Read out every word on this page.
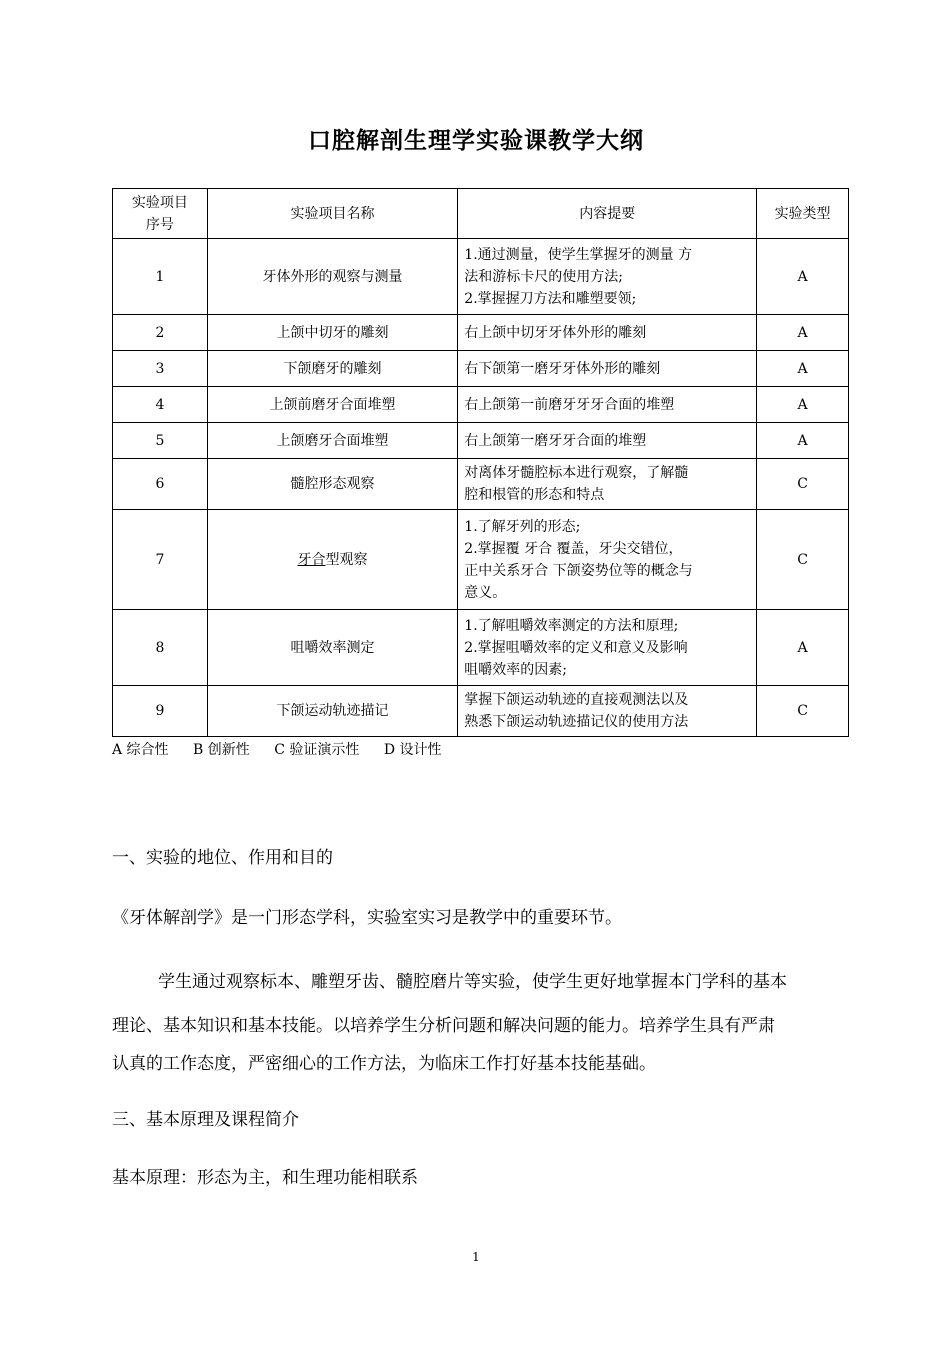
口腔解剖生理学实验课教学大纲
实验项目
序号	实验项目名称	内容提要	实验类型
1	牙体外形的观察与测量	1.通过测量，使学生掌握牙的测量 方
法和游标卡尺的使用方法;
2.掌握握刀方法和雕塑要领;	A
2	上颌中切牙的雕刻	右上颌中切牙牙体外形的雕刻	A
3	下颌磨牙的雕刻	右下颌第一磨牙牙体外形的雕刻	A
4	上颌前磨牙合面堆塑	右上颌第一前磨牙牙牙合面的堆塑	A
5	上颌磨牙合面堆塑	右上颌第一磨牙牙合面的堆塑	A
6	髓腔形态观察	对离体牙髓腔标本进行观察，了解髓
腔和根管的形态和特点	C
7	牙合型观察	1.了解牙列的形态;
2.掌握覆 牙合 覆盖，牙尖交错位，
正中关系牙合 下颌姿势位等的概念与
意义。	C
8	咀嚼效率测定	1.了解咀嚼效率测定的方法和原理;
2.掌握咀嚼效率的定义和意义及影响
咀嚼效率的因素;	A
9	下颌运动轨迹描记	掌握下颌运动轨迹的直接观测法以及
熟悉下颌运动轨迹描记仪的使用方法	C
A 综合性 B 创新性 C 验证演示性 D 设计性
一、实验的地位、作用和目的
《牙体解剖学》是一门形态学科，实验室实习是教学中的重要环节。
学生通过观察标本、雕塑牙齿、髓腔磨片等实验，使学生更好地掌握本门学科的基本
理论、基本知识和基本技能。以培养学生分析问题和解决问题的能力。培养学生具有严肃
认真的工作态度，严密细心的工作方法，为临床工作打好基本技能基础。
三、基本原理及课程简介
基本原理：形态为主，和生理功能相联系
1
